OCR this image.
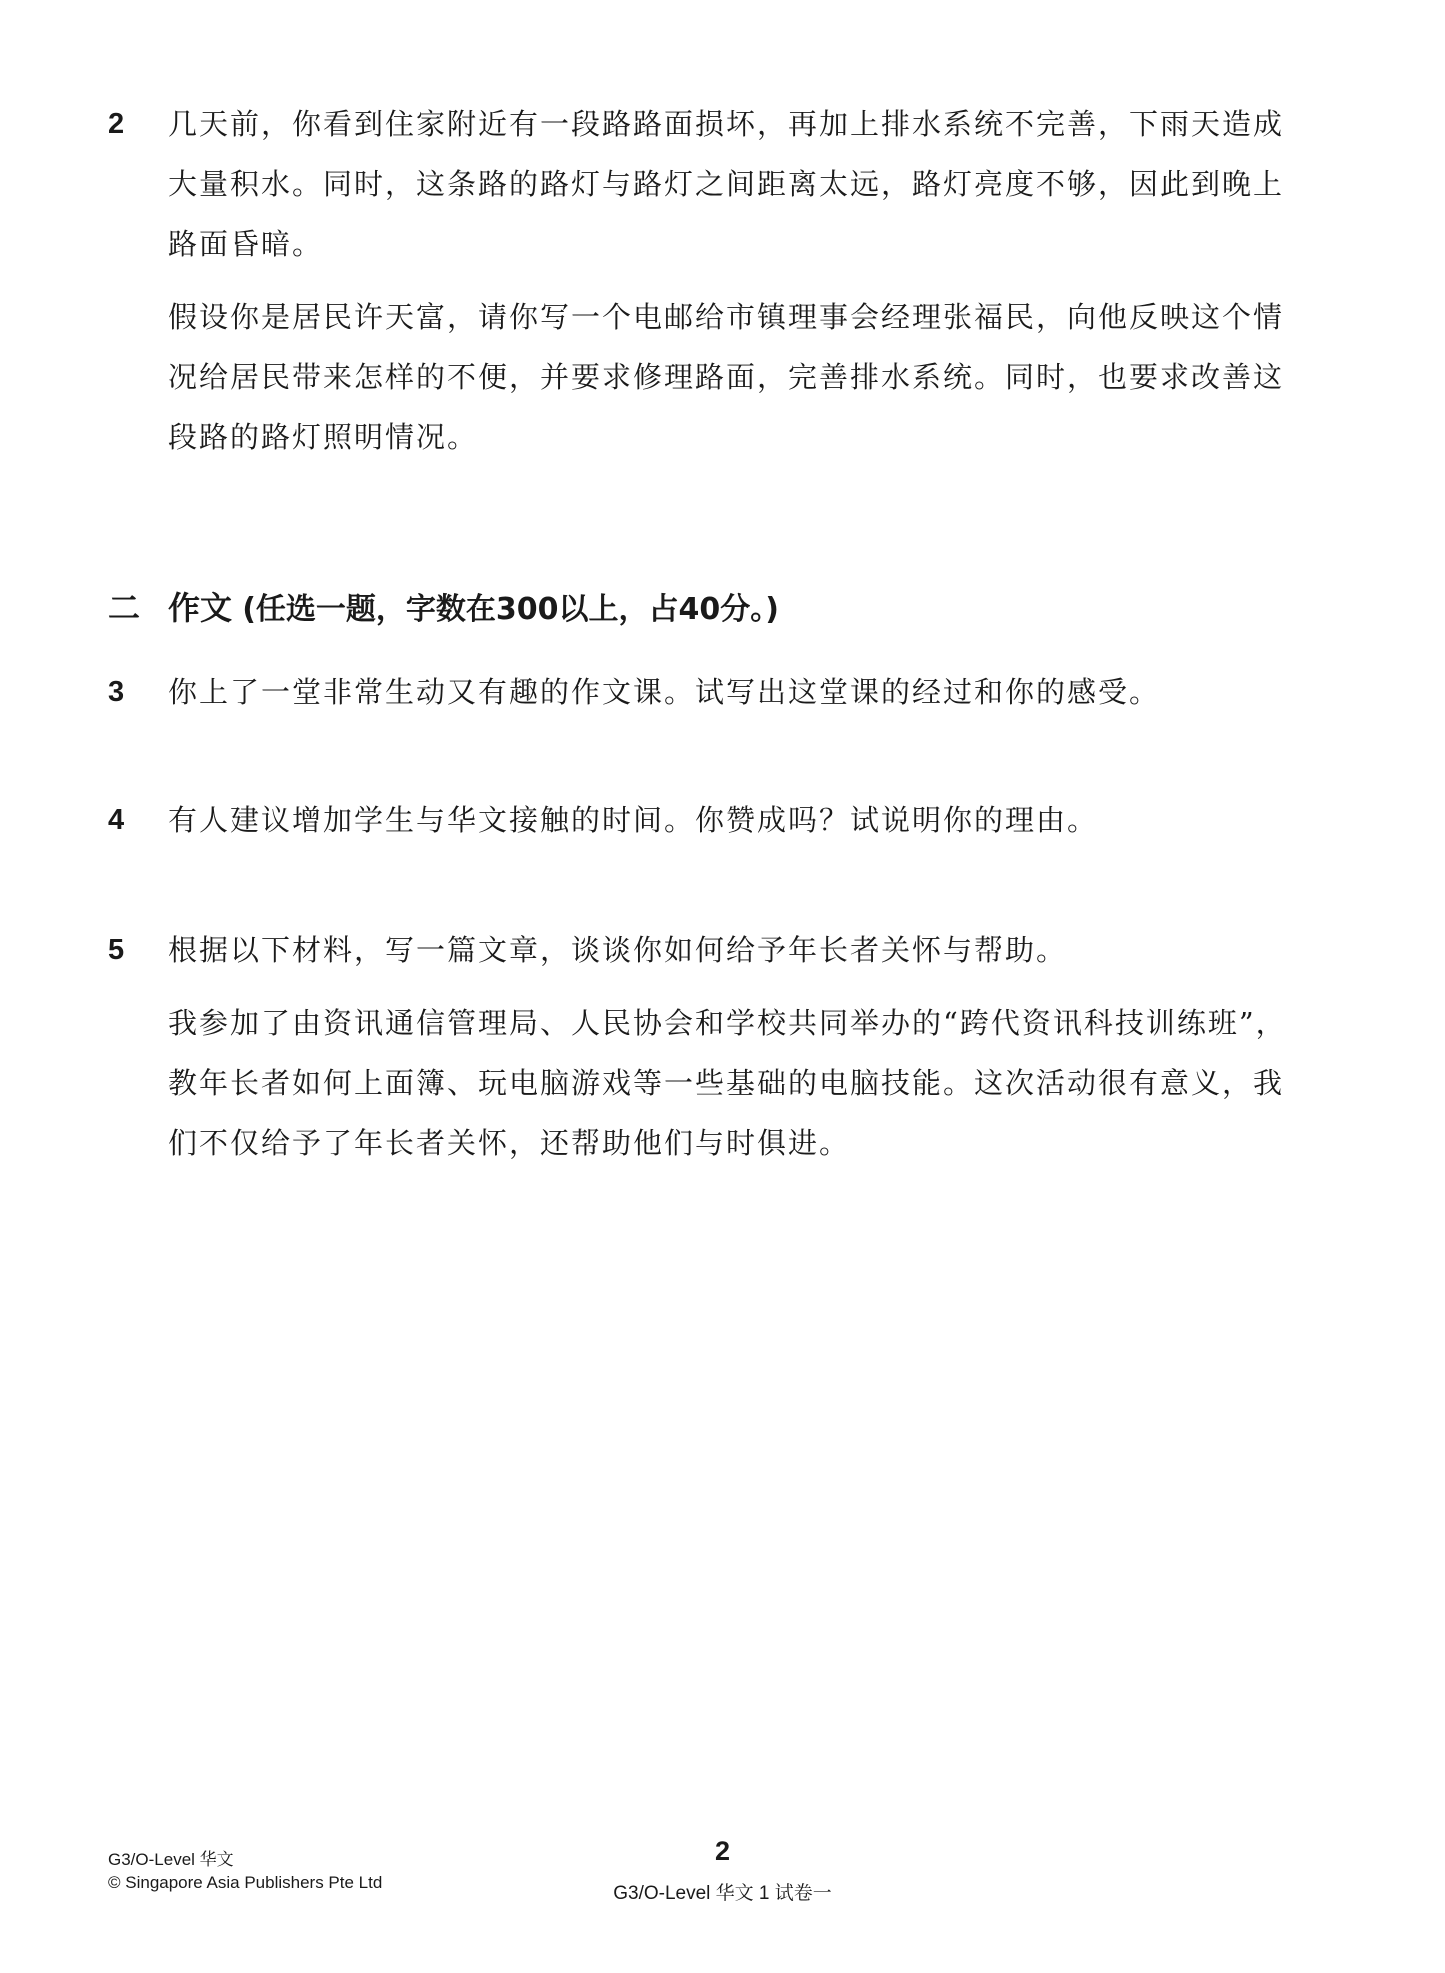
2	几天前，你看到住家附近有一段路路面损坏，再加上排水系统不完善，下雨天造成大量积水。同时，这条路的路灯与路灯之间距离太远，路灯亮度不够，因此到晚上路面昏暗。
假设你是居民许天富，请你写一个电邮给市镇理事会经理张福民，向他反映这个情况给居民带来怎样的不便，并要求修理路面，完善排水系统。同时，也要求改善这段路的路灯照明情况。
二 作文 (任选一题，字数在300以上，占40分。)
3	你上了一堂非常生动又有趣的作文课。试写出这堂课的经过和你的感受。
4	有人建议增加学生与华文接触的时间。你赞成吗？试说明你的理由。
5	根据以下材料，写一篇文章，谈谈你如何给予年长者关怀与帮助。
我参加了由资讯通信管理局、人民协会和学校共同举办的“跨代资讯科技训练班”，教年长者如何上面簿、玩电脑游戏等一些基础的电脑技能。这次活动很有意义，我们不仅给予了年长者关怀，还帮助他们与时俱进。
G3/O-Level 华文
© Singapore Asia Publishers Pte Ltd
2
G3/O-Level 华文 1 试卷一
